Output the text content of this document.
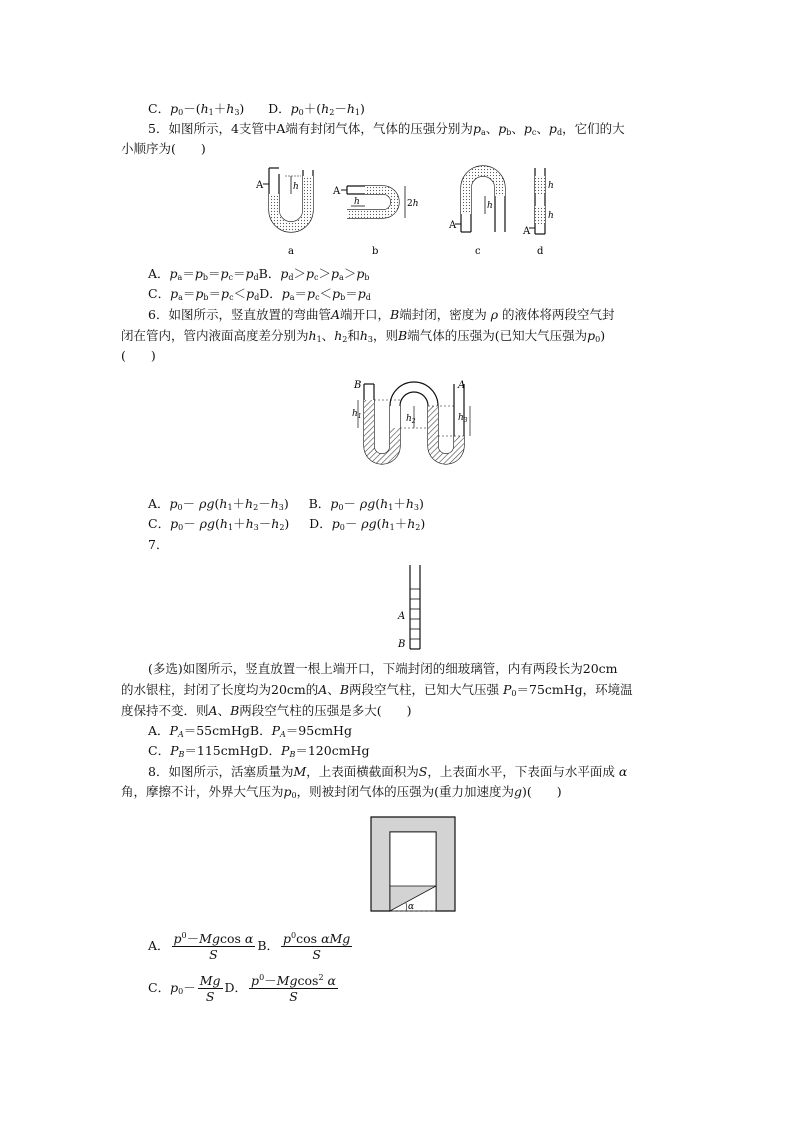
C．$p_0-(h_1+h_3)$      D．$p_0+(h_2-h_1)$
5．如图所示，4支管中A端有封闭气体，气体的压强分别为$p_a$、$p_b$、$p_c$、$p_d$，它们的大
小顺序为(　　)
A	h
a
A
h	2h
b
A
h
c
A
h
h
d
A．$p_a=p_b=p_c=p_dB$．$p_d>p_c>p_a>p_b$
C．$p_a=p_b=p_c<p_dD$．$p_a=p_c<p_b=p_d$
6．如图所示，竖直放置的弯曲管A端开口，B端封闭，密度为 ρ 的液体将两段空气封
闭在管内，管内液面高度差分别为$h_1$、$h_2$和$h_3$，则B端气体的压强为(已知大气压强为$p_0$)
(　　)
B	A
$h_1$	$h_2$	$h_3$
A．$p_0- \rho g(h_1+h_2-h_3)$     B．$p_0- \rho g(h_1+h_3)$
C．$p_0- \rho g(h_1+h_3-h_2)$     D．$p_0- \rho g(h_1+h_2)$
7．
A
B
(多选)如图所示，竖直放置一根上端开口，下端封闭的细玻璃管，内有两段长为20cm
的水银柱，封闭了长度均为20cm的A、B两段空气柱，已知大气压强 $P_0=75cmHg$，环境温
度保持不变．则A、B两段空气柱的压强是多大(　　)
A．$P_A=55cmHgB$．$P_A=95cmHg$
C．$P_B=115cmHgD$．$P_B=120cmHg$
8．如图所示，活塞质量为M，上表面横截面积为S，上表面水平，下表面与水平面成 α
角，摩擦不计，外界大气压为$p_0$，则被封闭气体的压强为(重力加速度为g)(　　)
α
A． $\frac{p^0-Mgcos \alpha}{S}$ B． $\frac{p^0\cos \alpha Mg}{S}$
C．$p_0- \frac{Mg}{S}$ D． $\frac{p^0-Mgcos^2 \alpha}{S}$
